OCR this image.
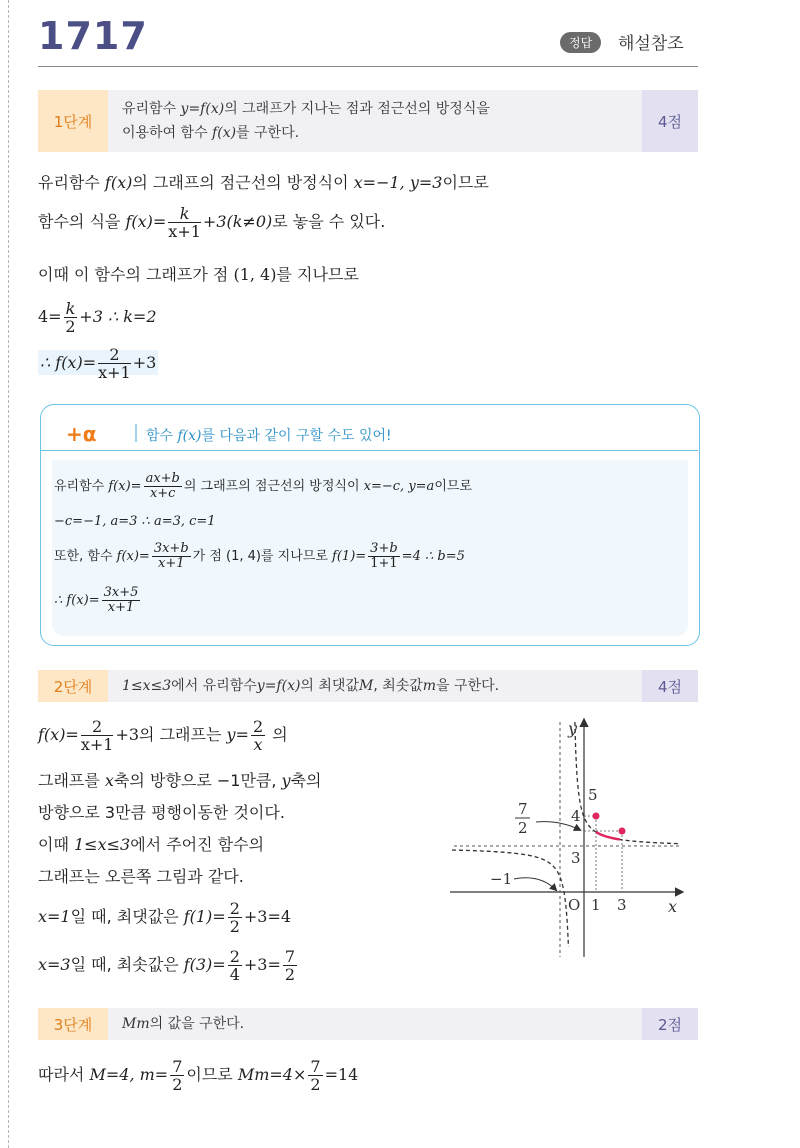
1717	정답	해설참조
1단계
유리함수 y=f(x)의 그래프가 지나는 점과 점근선의 방정식을
이용하여 함수 f(x)를 구한다.
4점
유리함수 f(x)의 그래프의 점근선의 방정식이 x=−1, y=3이므로
함수의 식을 $f(x)= \frac{k}{x+1} +3(k\ne 0)$로 놓을 수 있다.
이때 이 함수의 그래프가 점 (1, 4)를 지나므로
$4= \frac{k}{2} +3$ ∴ k=2
∴ $f(x)= \frac{2}{x+1} +3$
+α	함수 f(x)를 다음과 같이 구할 수도 있어!
유리함수 $f(x)= \frac{ax+b}{x+c}$ 의 그래프의 점근선의 방정식이 x=−c, y=a이므로
−c=−1, a=3 ∴ a=3, c=1
또한, 함수 $f(x)= \frac{3x+b}{x+1}$ 가 점 (1, 4)를 지나므로 $f(1)= \frac{3+b}{1+1} =4$ ∴ b=5
∴ $f(x)= \frac{3x+5}{x+1}$
2단계	1≤x≤3 에서 유리함수 y=f(x) 의 최댓값 M , 최솟값 m 을 구한다.	4점
$f(x)= \frac{2}{x+1} +3$의 그래프는 $y= \frac{2}{x}$ 의
그래프를 x축의 방향으로 −1만큼, y축의
방향으로 3만큼 평행이동한 것이다.
이때 1≤x≤3에서 주어진 함수의
그래프는 오른쪽 그림과 같다.
x=1일 때, 최댓값은 $f(1)= \frac{2}{2} +3=4$
x=3일 때, 최솟값은 $f(3)= \frac{2}{4} +3= \frac{7}{2}$
y
x
O 1 3
5
4
3
−1
7
2
3단계	Mm 의 값을 구한다.	2점
따라서 M=4, $m= \frac{7}{2}$ 이므로 $Mm=4\times \frac{7}{2} =14$
